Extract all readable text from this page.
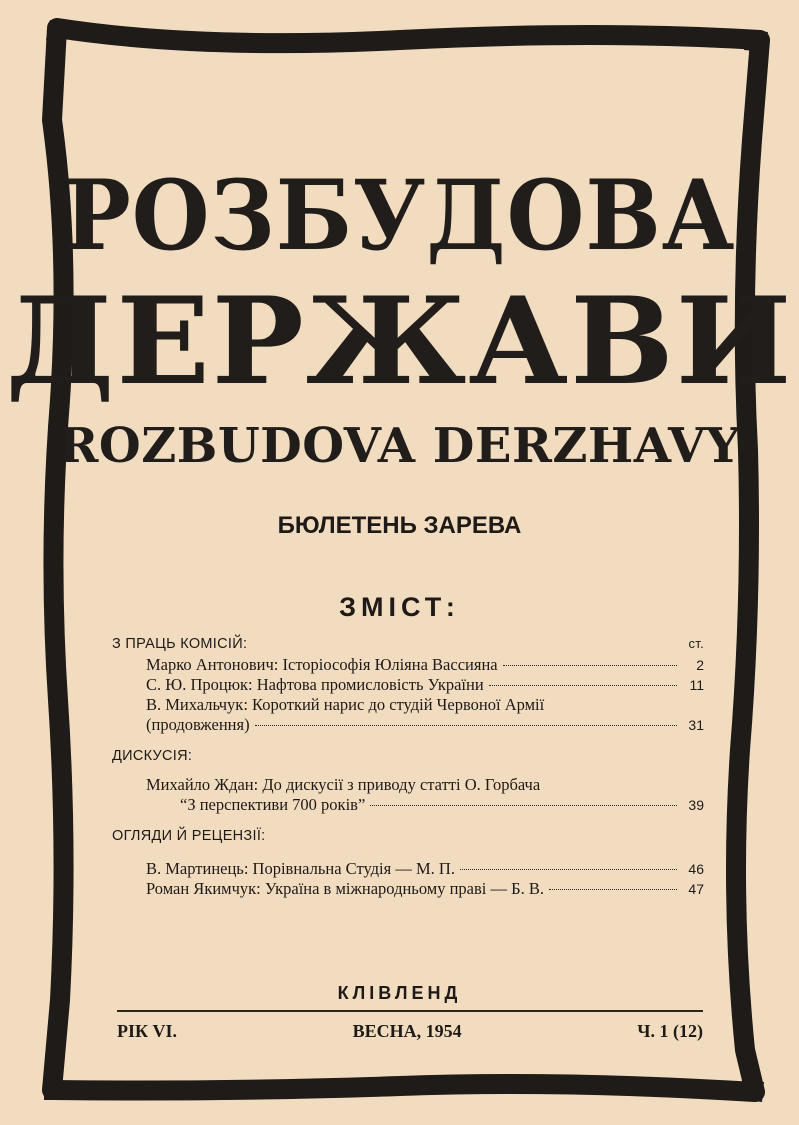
РОЗБУДОВА
ДЕРЖАВИ
ROZBUDOVA DERZHAVY
БЮЛЕТЕНЬ ЗАРЕВА
ЗМІСТ:
З ПРАЦЬ КОМІСІЙ:	ст.
Марко Антонович: Історіософія Юліяна Вассияна	2
С. Ю. Процюк: Нафтова промисловість України	11
В. Михальчук: Короткий нарис до студій Червоної Армії
(продовження)	31
ДИСКУСІЯ:
Михайло Ждан: До дискусії з приводу статті О. Горбача
“З перспективи 700 років”	39
ОГЛЯДИ Й РЕЦЕНЗІЇ:
В. Мартинець: Порівнальна Студія — М. П.	46
Роман Якимчук: Україна в міжнародньому праві — Б. В.	47
КЛІВЛЕНД
РІК VI.	ВЕСНА, 1954	Ч. 1 (12)
